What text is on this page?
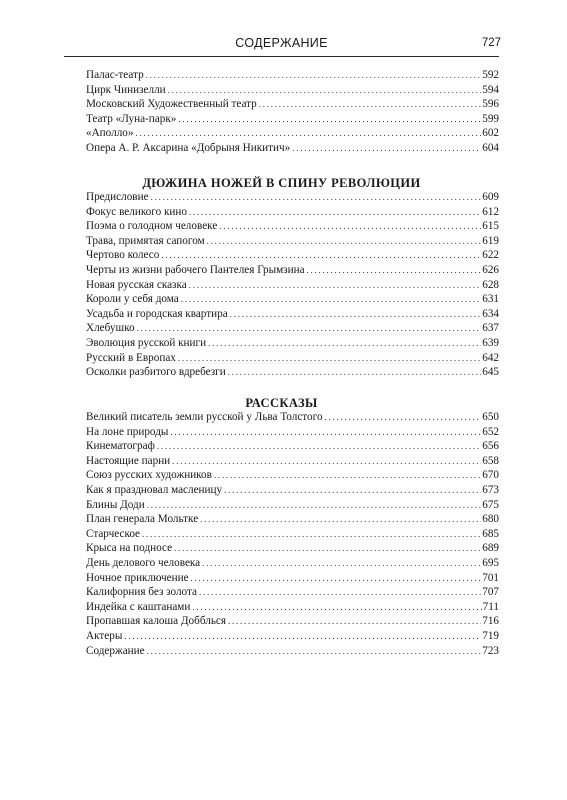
СОДЕРЖАНИЕ	727
Палас-театр . . .	592
Цирк Чинизелли . . .	594
Московский Художественный театр . . .	596
Театр «Луна-парк» . . .	599
«Аполло» . . .	602
Опера А. Р. Аксарина «Добрыня Никитич» . . .	604
ДЮЖИНА НОЖЕЙ В СПИНУ РЕВОЛЮЦИИ
Предисловие . . .	609
Фокус великого кино . . .	612
Поэма о голодном человеке . . .	615
Трава, примятая сапогом . . .	619
Чертово колесо . . .	622
Черты из жизни рабочего Пантелея Грымзина . . .	626
Новая русская сказка . . .	628
Короли у себя дома . . .	631
Усадьба и городская квартира . . .	634
Хлебушко . . .	637
Эволюция русской книги . . .	639
Русский в Европах . . .	642
Осколки разбитого вдребезги . . .	645
РАССКАЗЫ
Великий писатель земли русской у Льва Толстого . . .	650
На лоне природы . . .	652
Кинематограф . . .	656
Настоящие парни . . .	658
Союз русских художников . . .	670
Как я праздновал масленицу . . .	673
Блины Доди . . .	675
План генерала Мольтке . . .	680
Старческое . . .	685
Крыса на подносе . . .	689
День делового человека . . .	695
Ночное приключение . . .	701
Калифорния без золота . . .	707
Индейка с каштанами . . .	711
Пропавшая калоша Добблься . . .	716
Актеры . . .	719
Содержание . . .	723
